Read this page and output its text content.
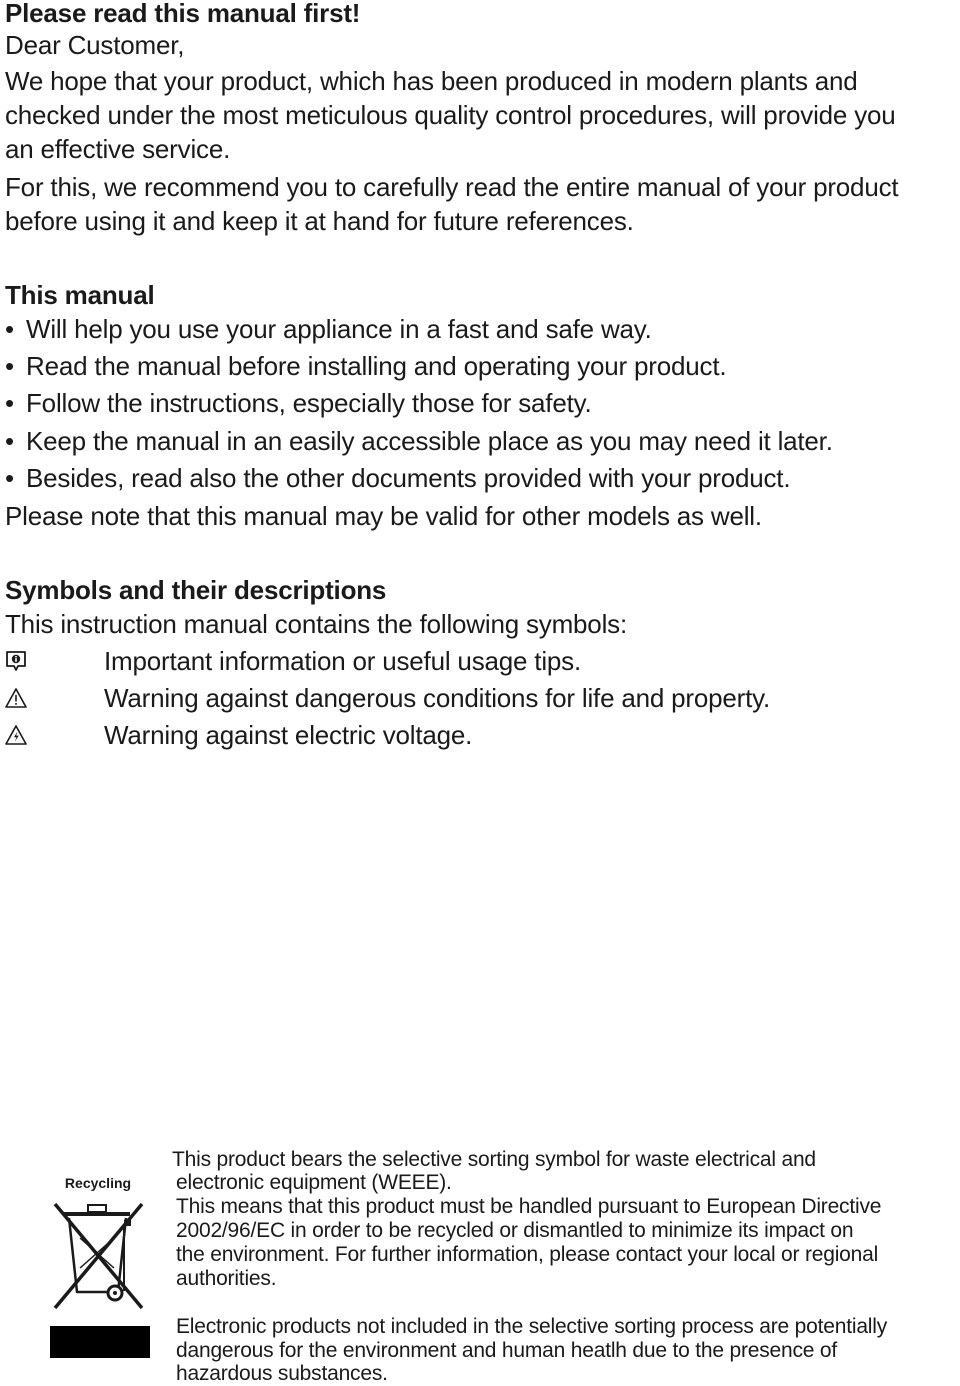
Please read this manual first!
Dear Customer,
We hope that your product, which has been produced in modern plants and
checked under the most meticulous quality control procedures, will provide you
an effective service.
For this, we recommend you to carefully read the entire manual of your product
before using it and keep it at hand for future references.
This manual
• Will help you use your appliance in a fast and safe way.
• Read the manual before installing and operating your product.
• Follow the instructions, especially those for safety.
• Keep the manual in an easily accessible place as you may need it later.
• Besides, read also the other documents provided with your product.
Please note that this manual may be valid for other models as well.
Symbols and their descriptions
This instruction manual contains the following symbols:
Important information or useful usage tips.
Warning against dangerous conditions for life and property.
Warning against electric voltage.
Recycling
This product bears the selective sorting symbol for waste electrical and
electronic equipment (WEEE).
This means that this product must be handled pursuant to European Directive
2002/96/EC in order to be recycled or dismantled to minimize its impact on
the environment. For further information, please contact your local or regional
authorities.
Electronic products not included in the selective sorting process are potentially
dangerous for the environment and human heatlh due to the presence of
hazardous substances.
